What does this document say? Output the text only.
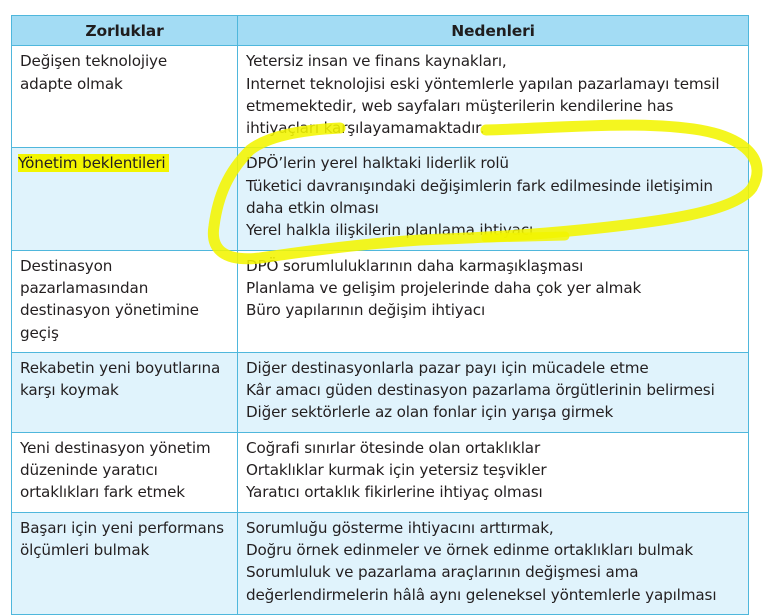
Zorluklar	Nedenleri

Değişen teknolojiye
adapte olmak	Yetersiz insan ve finans kaynakları,
Internet teknolojisi eski yöntemlerle yapılan pazarlamayı temsil
etmemektedir, web sayfaları müşterilerin kendilerine has
ihtiyaçları karşılayamamaktadır.

Yönetim beklentileri	DPÖ’lerin yerel halktaki liderlik rolü
Tüketici davranışındaki değişimlerin fark edilmesinde iletişimin
daha etkin olması
Yerel halkla ilişkilerin planlama ihtiyacı

Destinasyon
pazarlamasından
destinasyon yönetimine
geçiş	DPÖ sorumluluklarının daha karmaşıklaşması
Planlama ve gelişim projelerinde daha çok yer almak
Büro yapılarının değişim ihtiyacı

Rekabetin yeni boyutlarına
karşı koymak	Diğer destinasyonlarla pazar payı için mücadele etme
Kâr amacı güden destinasyon pazarlama örgütlerinin belirmesi
Diğer sektörlerle az olan fonlar için yarışa girmek

Yeni destinasyon yönetim
düzeninde yaratıcı
ortaklıkları fark etmek	Coğrafi sınırlar ötesinde olan ortaklıklar
Ortaklıklar kurmak için yetersiz teşvikler
Yaratıcı ortaklık fikirlerine ihtiyaç olması

Başarı için yeni performans
ölçümleri bulmak	Sorumluğu gösterme ihtiyacını arttırmak,
Doğru örnek edinmeler ve örnek edinme ortaklıkları bulmak
Sorumluluk ve pazarlama araçlarının değişmesi ama
değerlendirmelerin hâlâ aynı geleneksel yöntemlerle yapılması
